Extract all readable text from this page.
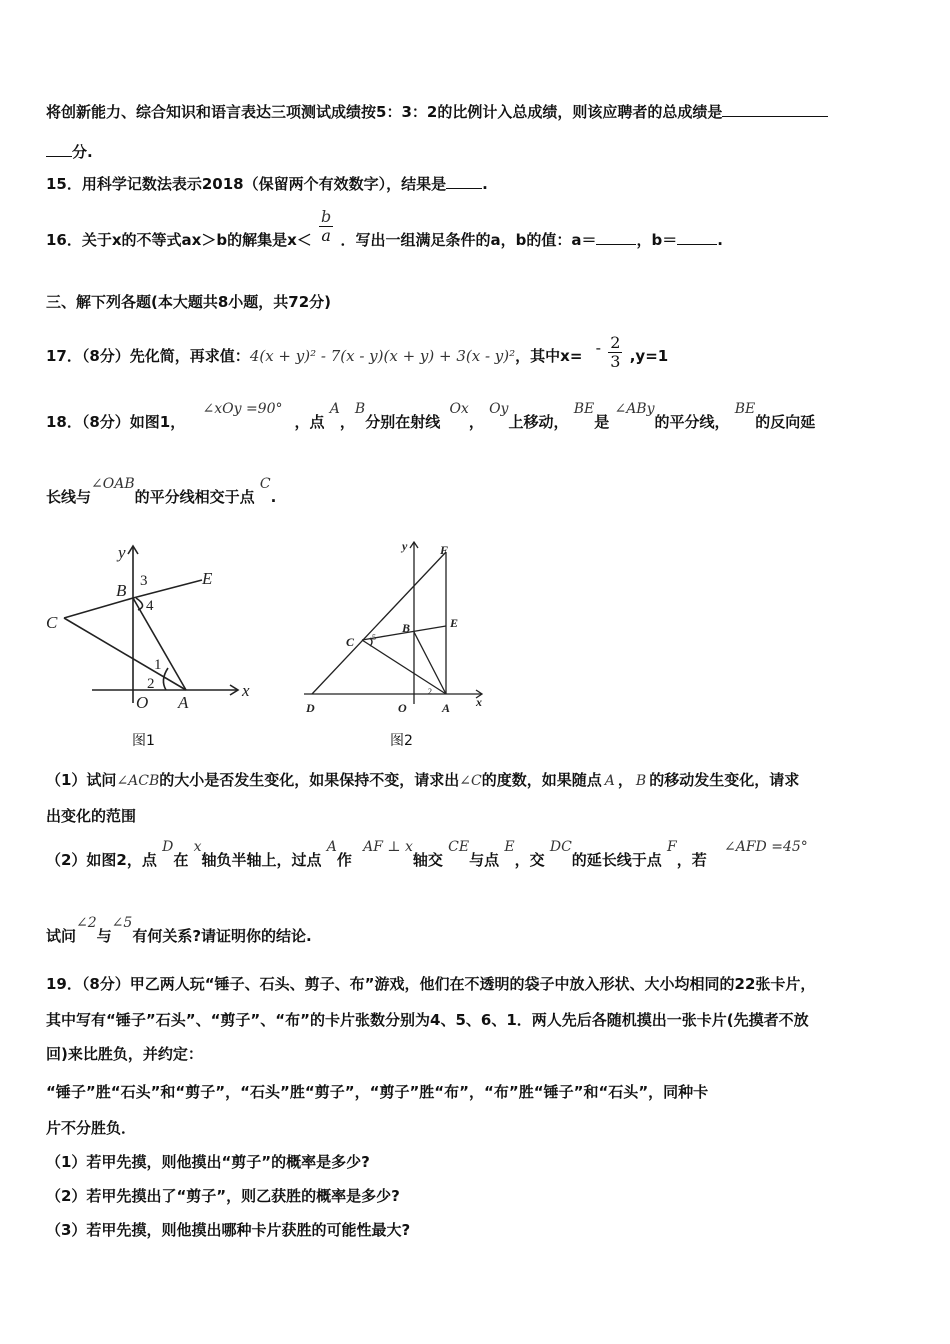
将创新能力、综合知识和语言表达三项测试成绩按5：3：2的比例计入总成绩，则该应聘者的总成绩是
分.
15．用科学记数法表示2018（保留两个有效数字），结果是 .
16．关于x的不等式ax＞b的解集是$x< \frac{b}{a}$ ．写出一组满足条件的a，b的值：a＝	，b＝	.
三、解下列各题(本大题共8小题，共72分)
17．（8分）先化简，再求值：4(x + y)² - 7(x - y)(x + y) + 3(x - y)²，其中$x= - \frac{2}{3} ,y=1$
18．（8分）如图1， ∠xOy =90°，点 A，B分别在射线 Ox， Oy上移动， BE是 ∠ABy的平分线， BE的反向延
长线与∠OAB的平分线相交于点 C.
y
x
B
E
C
O A
1
2
3
4
图1
y
x
F
C
B	E
D	O	A
2
5
图2
（1）试问∠ACB的大小是否发生变化，如果保持不变，请求出∠C的度数，如果随点 A ， B 的移动发生变化，请求
出变化的范围
（2）如图2，点 D在 x轴负半轴上，过点 A作 AF ⊥ x轴交 CE与点 E，交 DC的延长线于点 F，若 ∠AFD =45°
试问∠2与∠5有何关系?请证明你的结论.
19．（8分）甲乙两人玩“锤子、石头、剪子、布”游戏，他们在不透明的袋子中放入形状、大小均相同的22张卡片，
其中写有“锤子”石头”、“剪子”、“布”的卡片张数分别为4、5、6、1．两人先后各随机摸出一张卡片(先摸者不放
回)来比胜负，并约定：
“锤子”胜“石头”和“剪子”，“石头”胜“剪子”，“剪子”胜“布”，“布”胜“锤子”和“石头”，同种卡
片不分胜负．
（1）若甲先摸，则他摸出“剪子”的概率是多少?
（2）若甲先摸出了“剪子”，则乙获胜的概率是多少?
（3）若甲先摸，则他摸出哪种卡片获胜的可能性最大?
